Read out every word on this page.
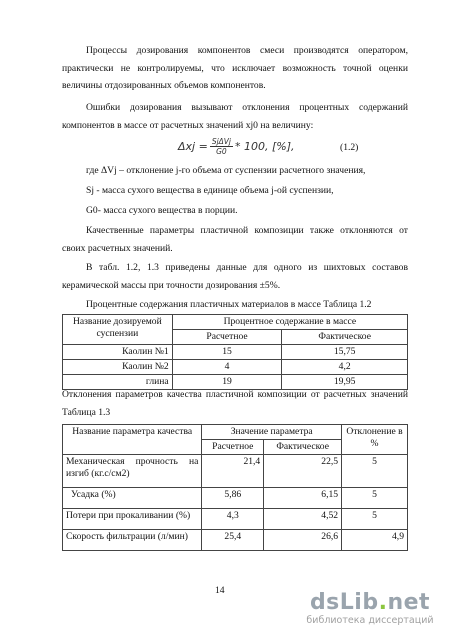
Процессы дозирования компонентов смеси производятся оператором, практически не контролируемы, что исключает возможность точной оценки величины отдозированных объемов компонентов.

Ошибки дозирования вызывают отклонения процентных содержаний компонентов в массе от расчетных значений xj0 на величину:

$\Delta xj = \frac{\text{SjΔVj}}{G0} * 100$, [%],	(1.2)

где ΔVj – отклонение j-го объема от суспензии расчетного значения,

Sj - масса сухого вещества в единице объема j-ой суспензии,

G0- масса сухого вещества в порции.

Качественные параметры пластичной композиции также отклоняются от своих расчетных значений.

В табл. 1.2, 1.3 приведены данные для одного из шихтовых составов керамической массы при точности дозирования ±5%.

Процентные содержания пластичных материалов в массе Таблица 1.2

Название дозируемой суспензии	Процентное содержание в массе	
	Расчетное	Фактическое
Каолин №1	15	15,75
Каолин №2	4	4,2
глина	19	19,95

Отклонения параметров качества пластичной композиции от расчетных значений Таблица 1.3

Название параметра качества	Значение параметра		Отклонение в %
	Расчетное	Фактическое	
Механическая прочность на изгиб (кг.с/см2)	21,4	22,5	5
Усадка (%)	5,86	6,15	5
Потери при прокаливании (%)	4,3	4,52	5
Скорость фильтрации (л/мин)	25,4	26,6	4,9
14	dsLib.net
библиотека диссертаций
